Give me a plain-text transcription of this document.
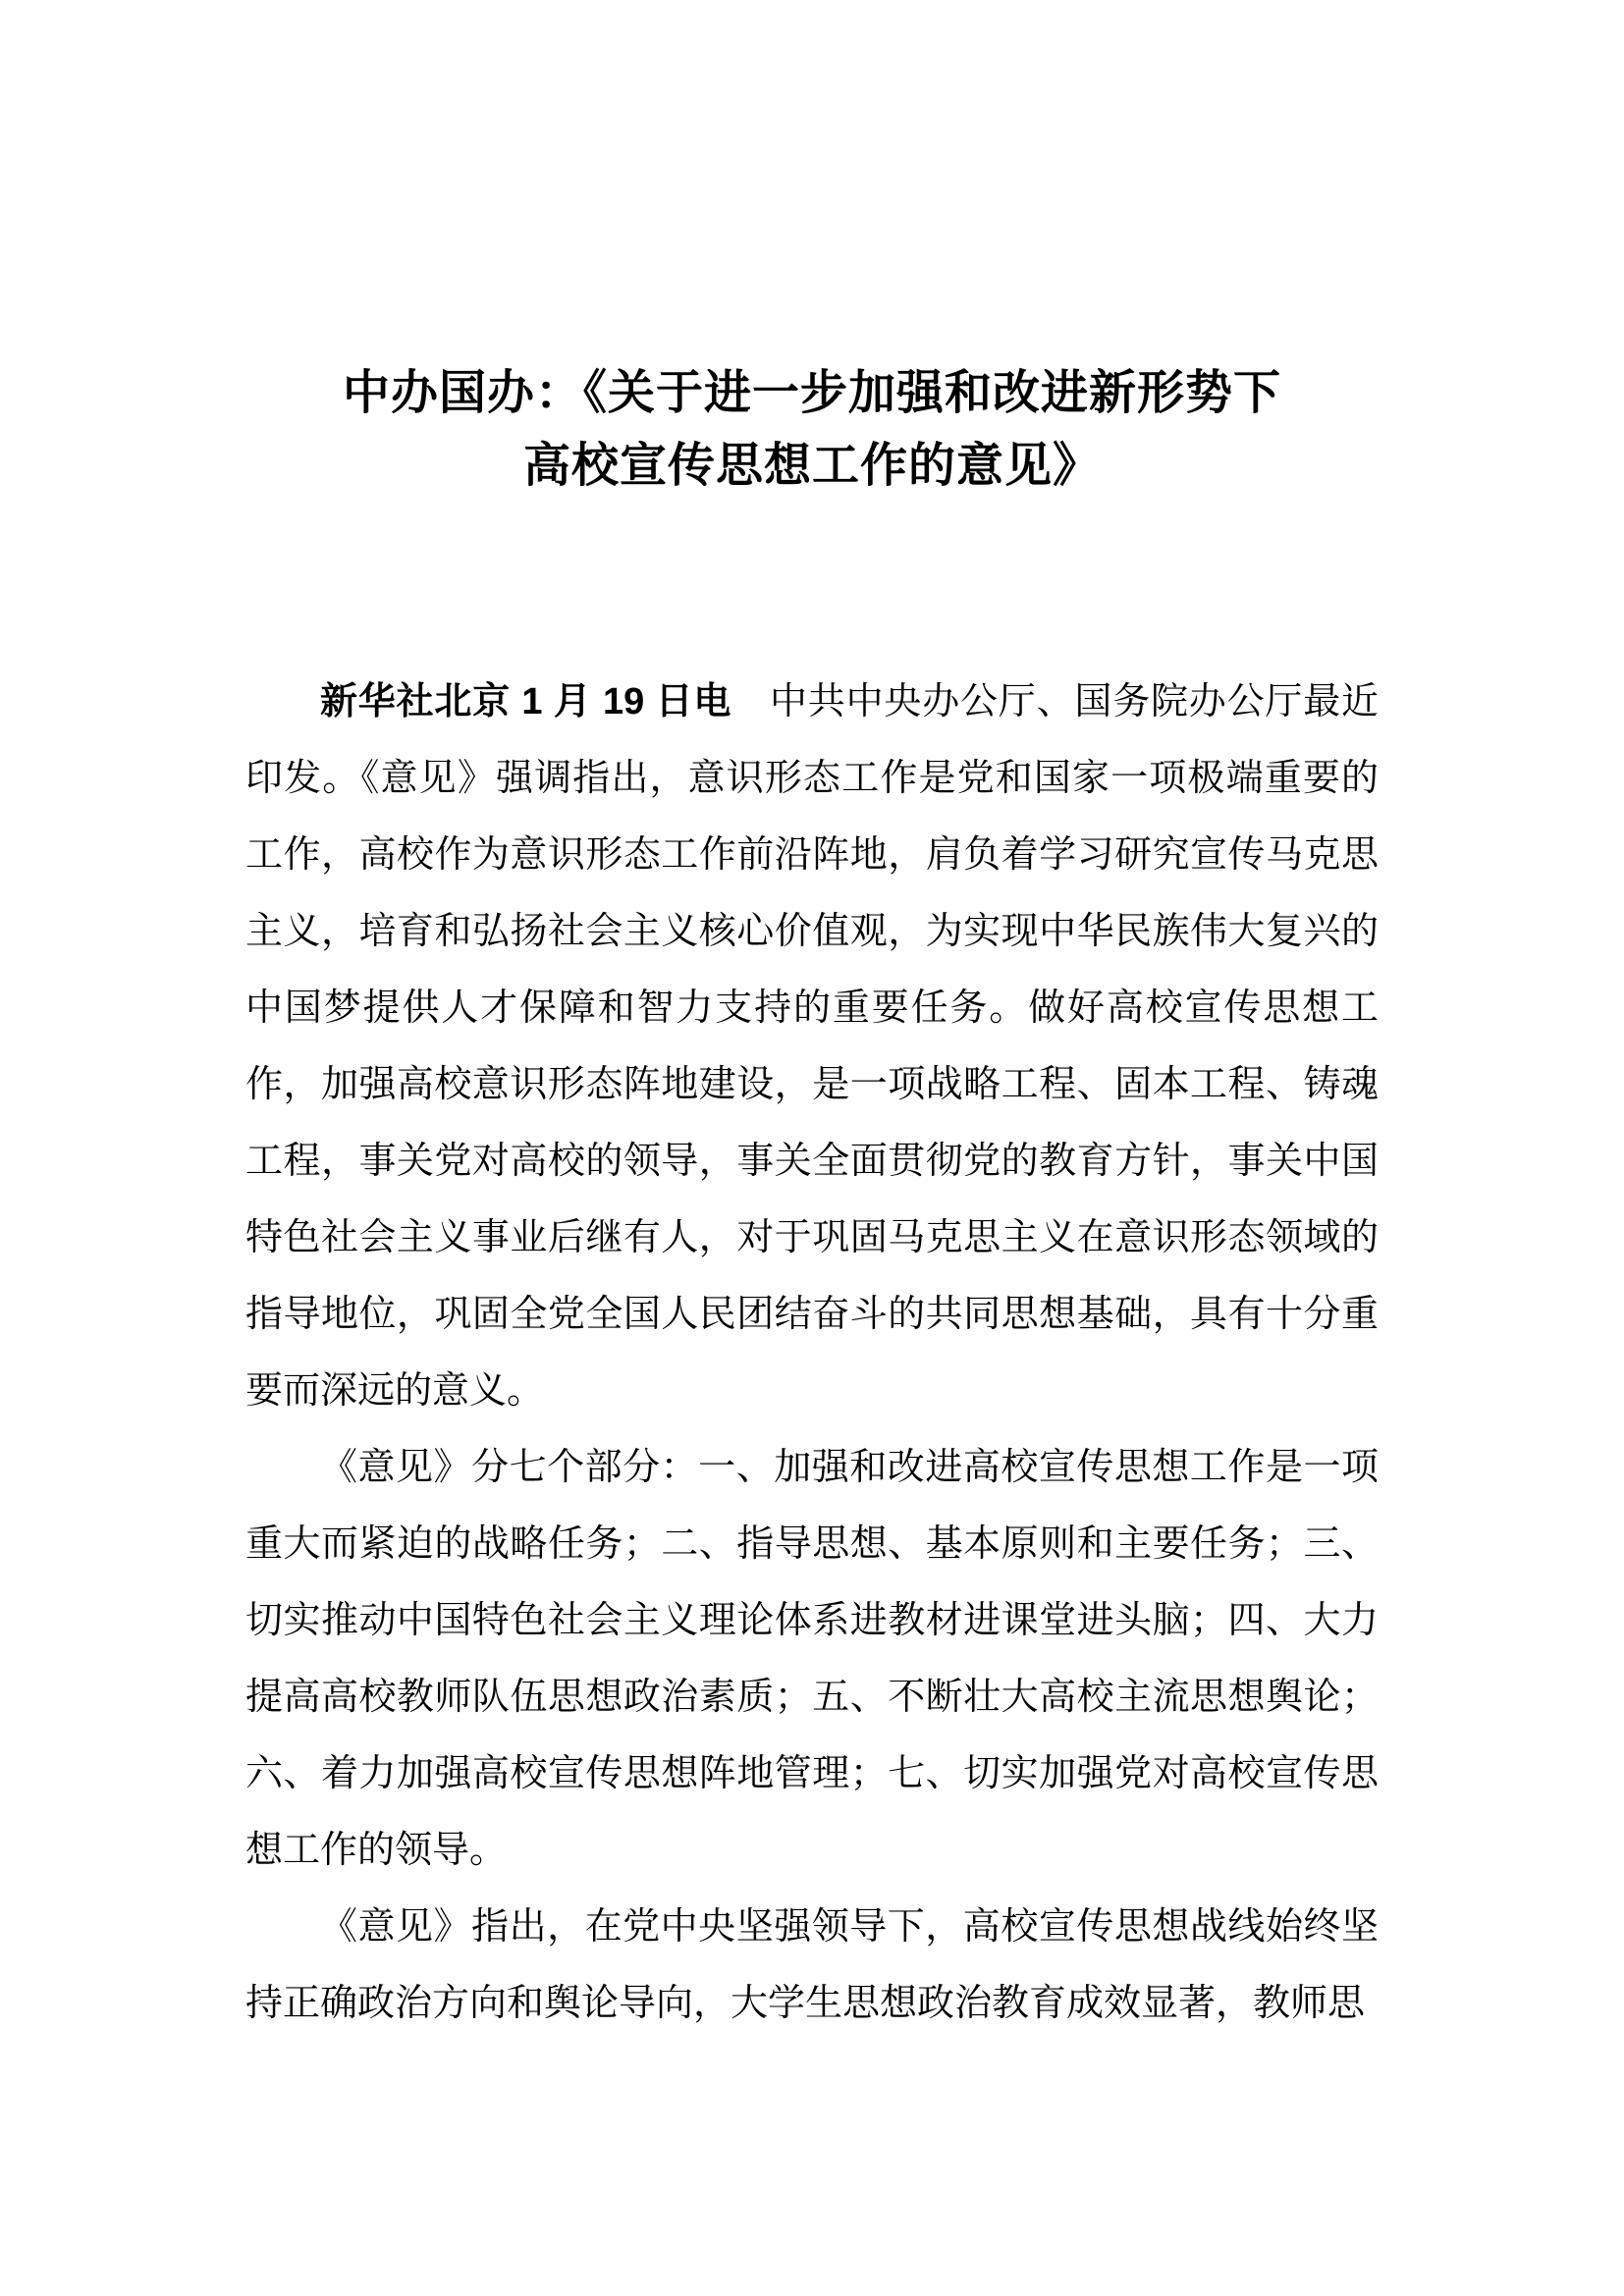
中办国办：《关于进一步加强和改进新形势下
高校宣传思想工作的意见》

新华社北京 1 月 19 日电　中共中央办公厅、国务院办公厅最近印发。《意见》强调指出，意识形态工作是党和国家一项极端重要的工作，高校作为意识形态工作前沿阵地，肩负着学习研究宣传马克思主义，培育和弘扬社会主义核心价值观，为实现中华民族伟大复兴的中国梦提供人才保障和智力支持的重要任务。做好高校宣传思想工作，加强高校意识形态阵地建设，是一项战略工程、固本工程、铸魂工程，事关党对高校的领导，事关全面贯彻党的教育方针，事关中国特色社会主义事业后继有人，对于巩固马克思主义在意识形态领域的指导地位，巩固全党全国人民团结奋斗的共同思想基础，具有十分重要而深远的意义。

《意见》分七个部分：一、加强和改进高校宣传思想工作是一项重大而紧迫的战略任务；二、指导思想、基本原则和主要任务；三、切实推动中国特色社会主义理论体系进教材进课堂进头脑；四、大力提高高校教师队伍思想政治素质；五、不断壮大高校主流思想舆论；六、着力加强高校宣传思想阵地管理；七、切实加强党对高校宣传思想工作的领导。

《意见》指出，在党中央坚强领导下，高校宣传思想战线始终坚持正确政治方向和舆论导向，大学生思想政治教育成效显著，教师思
